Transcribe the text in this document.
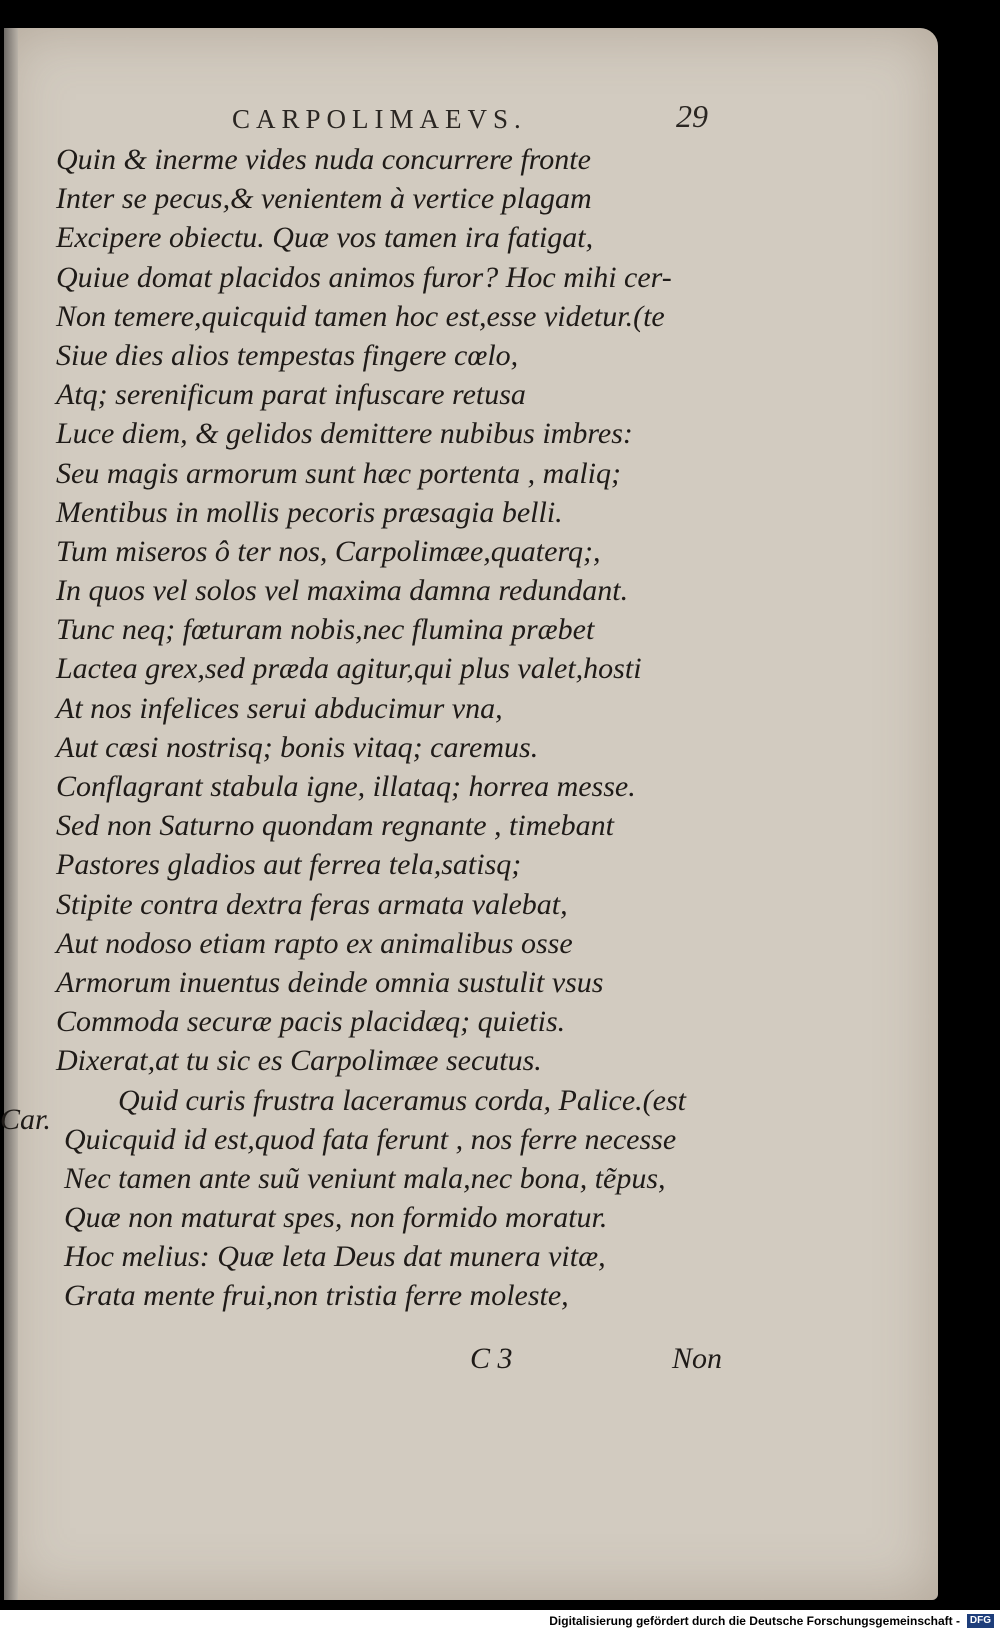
CARPOLIMAEVS.	29
Quin & inerme vides nuda concurrere fronte
Inter se pecus,& venientem à vertice plagam
Excipere obiectu. Quæ vos tamen ira fatigat,
Quiue domat placidos animos furor? Hoc mihi cer-
Non temere,quicquid tamen hoc est,esse videtur.(te
Siue dies alios tempestas fingere cœlo,
Atq; serenificum parat infuscare retusa
Luce diem, & gelidos demittere nubibus imbres:
Seu magis armorum sunt hæc portenta , maliq;
Mentibus in mollis pecoris præsagia belli.
Tum miseros ô ter nos, Carpolimæe,quaterq;,
In quos vel solos vel maxima damna redundant.
Tunc neq; fœturam nobis,nec flumina præbet
Lactea grex,sed præda agitur,qui plus valet,hosti
At nos infelices serui abducimur vna,
Aut cæsi nostrisq; bonis vitaq; caremus.
Conflagrant stabula igne, illataq; horrea messe.
Sed non Saturno quondam regnante , timebant
Pastores gladios aut ferrea tela,satisq;
Stipite contra dextra feras armata valebat,
Aut nodoso etiam rapto ex animalibus osse
Armorum inuentus deinde omnia sustulit vsus
Commoda securæ pacis placidæq; quietis.
Dixerat,at tu sic es Carpolimæe secutus.
Quid curis frustra laceramus corda, Palice.(est
Quicquid id est,quod fata ferunt , nos ferre necesse
Nec tamen ante suũ veniunt mala,nec bona, tẽpus,
Quæ non maturat spes, non formido moratur.
Hoc melius: Quæ leta Deus dat munera vitæ,
Grata mente frui,non tristia ferre moleste,
Car.
C 3	Non
Digitalisierung gefördert durch die Deutsche Forschungsgemeinschaft - DFG
